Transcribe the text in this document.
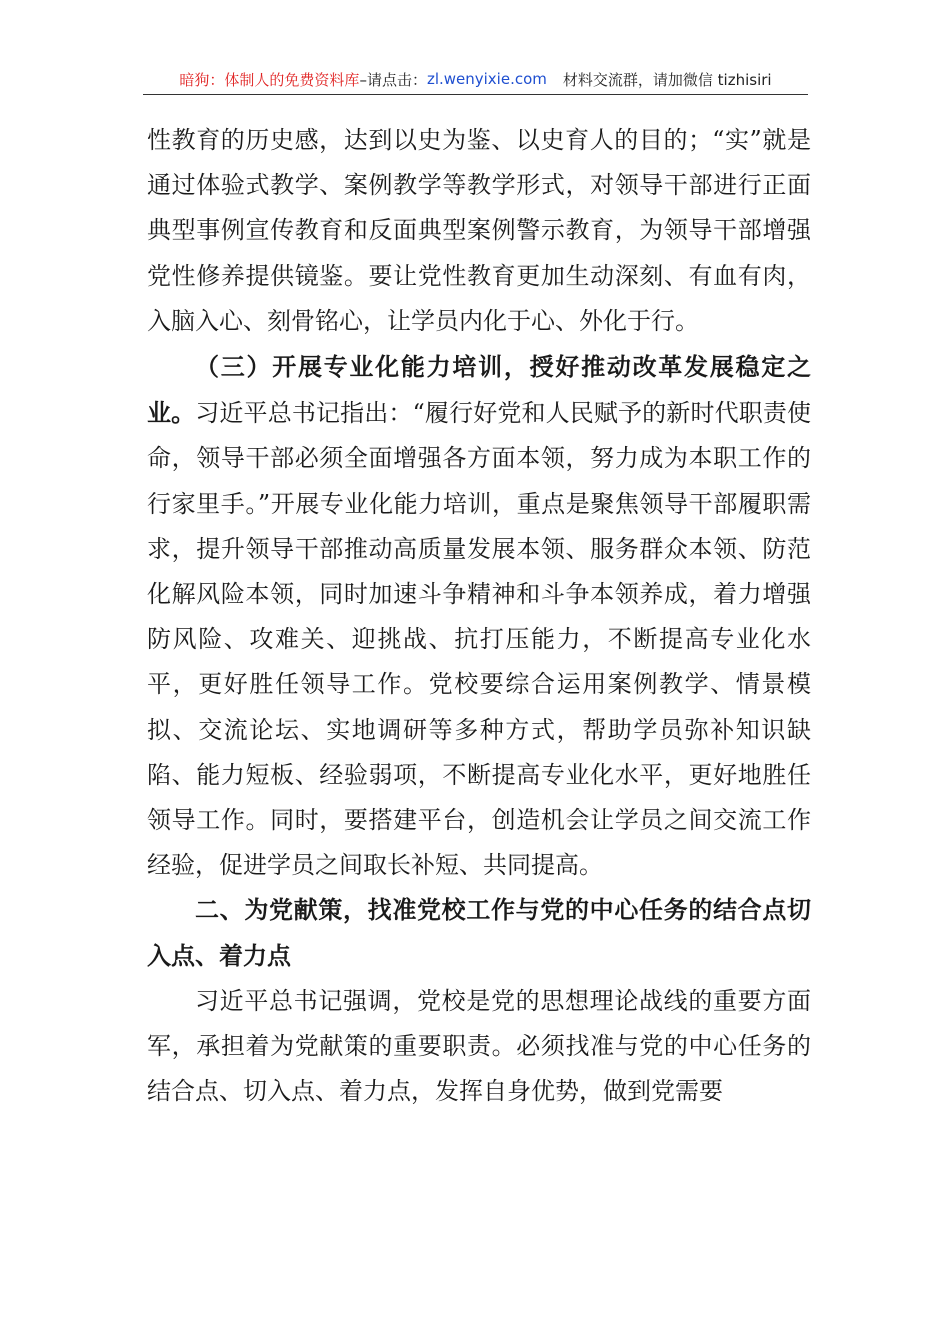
暗狗：体制人的免费资料库 –请点击： zl.wenyixie.com 材料交流群，请加微信 tizhisiri

性教育的历史感，达到以史为鉴、以史育人的目的；“实”就是通过体验式教学、案例教学等教学形式，对领导干部进行正面典型事例宣传教育和反面典型案例警示教育，为领导干部增强党性修养提供镜鉴。要让党性教育更加生动深刻、有血有肉，入脑入心、刻骨铭心，让学员内化于心、外化于行。

（三）开展专业化能力培训，授好推动改革发展稳定之业。习近平总书记指出：“履行好党和人民赋予的新时代职责使命，领导干部必须全面增强各方面本领，努力成为本职工作的行家里手。”开展专业化能力培训，重点是聚焦领导干部履职需求，提升领导干部推动高质量发展本领、服务群众本领、防范化解风险本领，同时加速斗争精神和斗争本领养成，着力增强防风险、攻难关、迎挑战、抗打压能力，不断提高专业化水平，更好胜任领导工作。党校要综合运用案例教学、情景模拟、交流论坛、实地调研等多种方式，帮助学员弥补知识缺陷、能力短板、经验弱项，不断提高专业化水平，更好地胜任领导工作。同时，要搭建平台，创造机会让学员之间交流工作经验，促进学员之间取长补短、共同提高。

二、为党献策，找准党校工作与党的中心任务的结合点切入点、着力点

习近平总书记强调，党校是党的思想理论战线的重要方面军，承担着为党献策的重要职责。必须找准与党的中心任务的结合点、切入点、着力点，发挥自身优势，做到党需要
